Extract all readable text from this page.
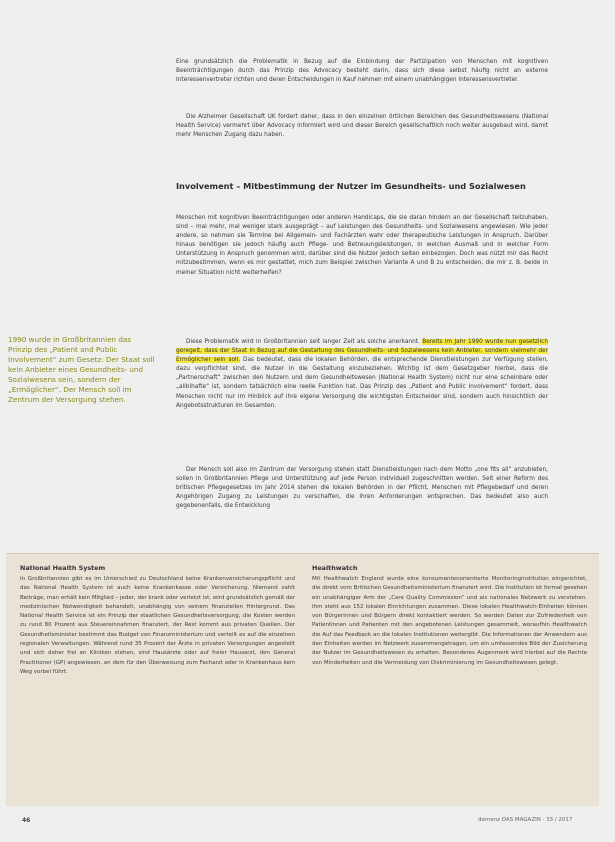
Eine grundsätzlich die Problematik in Bezug auf die Einbindung der Partizipation von Menschen mit kognitiven Beeinträchtigungen durch das Prinzip des Advocacy besteht darin, dass sich diese selbst häufig nicht an externe Interessenvertreter richten und deren Entscheidungen in Kauf nehmen mit einem unabhängigen Interessensvertreter.

Die Alzheimer Gesellschaft UK fordert daher, dass in den einzelnen örtlichen Bereichen des Gesundheitswesens (National Health Service) vermehrt über Advocacy informiert wird und dieser Bereich gesellschaftlich noch weiter ausgebaut wird, damit mehr Menschen Zugang dazu haben.

Involvement – Mitbestimmung der Nutzer im Gesundheits- und Sozialwesen

Menschen mit kognitiven Beeinträchtigungen oder anderen Handicaps, die sie daran hindern an der Gesellschaft teilzuhaben, sind – mal mehr, mal weniger stark ausgeprägt – auf Leistungen des Gesundheits- und Sozialwesens angewiesen. Wie jeder andere, so nehmen sie Termine bei Allgemein- und Fachärzten wahr oder therapeutische Leistungen in Anspruch. Darüber hinaus benötigen sie jedoch häufig auch Pflege- und Betreuungsleistungen, in welchen Ausmaß und in welcher Form Unterstützung in Anspruch genommen wird, darüber sind die Nutzer jedoch selten einbezogen. Doch was nützt mir das Recht mitzubestimmen, wenn es mir gestattet, mich zum Beispiel zwischen Variante A und B zu entscheiden, die mir z. B. beide in meiner Situation nicht weiterhelfen?

Diese Problematik wird in Großbritannien seit langer Zeit als solche anerkannt. Bereits im Jahr 1990 wurde nun gesetzlich geregelt, dass der Staat in Bezug auf die Gestaltung des Gesundheits- und Sozialwesens kein Anbieter, sondern vielmehr der Ermöglicher sein soll. Das bedeutet, dass die lokalen Behörden, die entsprechende Dienstleistungen zur Verfügung stellen, dazu verpflichtet sind, die Nutzer in die Gestaltung einzubeziehen. Wichtig ist dem Gesetzgeber hierbei, dass die „Partnerschaft“ zwischen den Nutzern und dem Gesundheitswesen (National Health System) nicht nur eine scheinbare oder „alibihafte“ ist, sondern tatsächlich eine reelle Funktion hat. Das Prinzip des „Patient and Public involvement“ fordert, dass Menschen nicht nur im Hinblick auf ihre eigene Versorgung die wichtigsten Entscheider sind, sondern auch hinsichtlich der Angebotsstrukturen im Gesamten.

Der Mensch soll also im Zentrum der Versorgung stehen statt Dienstleistungen nach dem Motto „one fits all“ anzubieten, sollen in Großbritannien Pflege und Unterstützung auf jede Person individuell zugeschnitten werden. Seit einer Reform des britischen Pflegegesetzes im Jahr 2014 stehen die lokalen Behörden in der Pflicht, Menschen mit Pflegebedarf und deren Angehörigen Zugang zu Leistungen zu verschaffen, die ihren Anforderungen entsprechen. Das bedeutet also auch gegebenenfalls, die Entwicklung

1990 wurde in Großbritannien das Prinzip des „Patient and Public Involvement“ zum Gesetz: Der Staat soll kein Anbieter eines Gesundheits- und Sozialwesens sein, sondern der „Ermöglicher“. Der Mensch soll im Zentrum der Versorgung stehen.

National Health System

In Großbritannien gibt es im Unterschied zu Deutschland keine Krankenversicherungspflicht und das National Health System ist auch keine Krankenkasse oder Versicherung. Niemand zahlt Beiträge, man erhält kein Mitglied – jeder, der krank oder verletzt ist, wird grundsätzlich gemäß der medizinischen Notwendigkeit behandelt, unabhängig von seinem finanziellen Hintergrund. Das National Health Service ist ein Prinzip der staatlichen Gesundheitsversorgung, die Kosten werden zu rund 80 Prozent aus Steuereinnahmen finanziert, der Rest kommt aus privaten Quellen. Der Gesundheitsminister bestimmt das Budget von Finanzministerium und verteilt es auf die einzelnen regionalen Verwaltungen. Während rund 35 Prozent der Ärzte in privaten Versorgungen angestellt und sich daher frei an Kliniken stehen, sind Hausärzte oder auf freier Hausarzt, den General Practitioner (GP) angewiesen, an dem für den Überweisung zum Facharzt oder in Krankenhaus kein Weg vorbei führt.

Healthwatch

Mit Healthwatch England wurde eine konsumentenorientierte Monitoringinstitution eingerichtet, die direkt vom Britischen Gesundheitsministerium finanziert wird. Die Institution ist formal gesehen ein unabhängiger Arm der „Care Quality Commission“ und als nationales Netzwerk zu verstehen. Ihm steht aus 152 lokalen Einrichtungen zusammen. Diese lokalen Healthwatch-Einheiten können von Bürgerinnen und Bürgern direkt kontaktiert werden. So werden Daten zur Zufriedenheit von Patientinnen und Patienten mit den angebotenen Leistungen gesammelt, woraufhin Healthwatch die Auf das Feedback an die lokalen Institutionen weitergibt. Die Informationen der Anwendern aus den Einheiten werden im Netzwerk zusammengetragen, um ein umfassendes Bild der Zusicherung der Nutzer im Gesundheitswesen zu erhalten. Besonderes Augenmerk wird hierbei auf die Rechte von Minderheiten und die Vermeidung von Diskriminierung im Gesundheitswesen gelegt.

46	demenz DAS MAGAZIN · 33 / 2017
